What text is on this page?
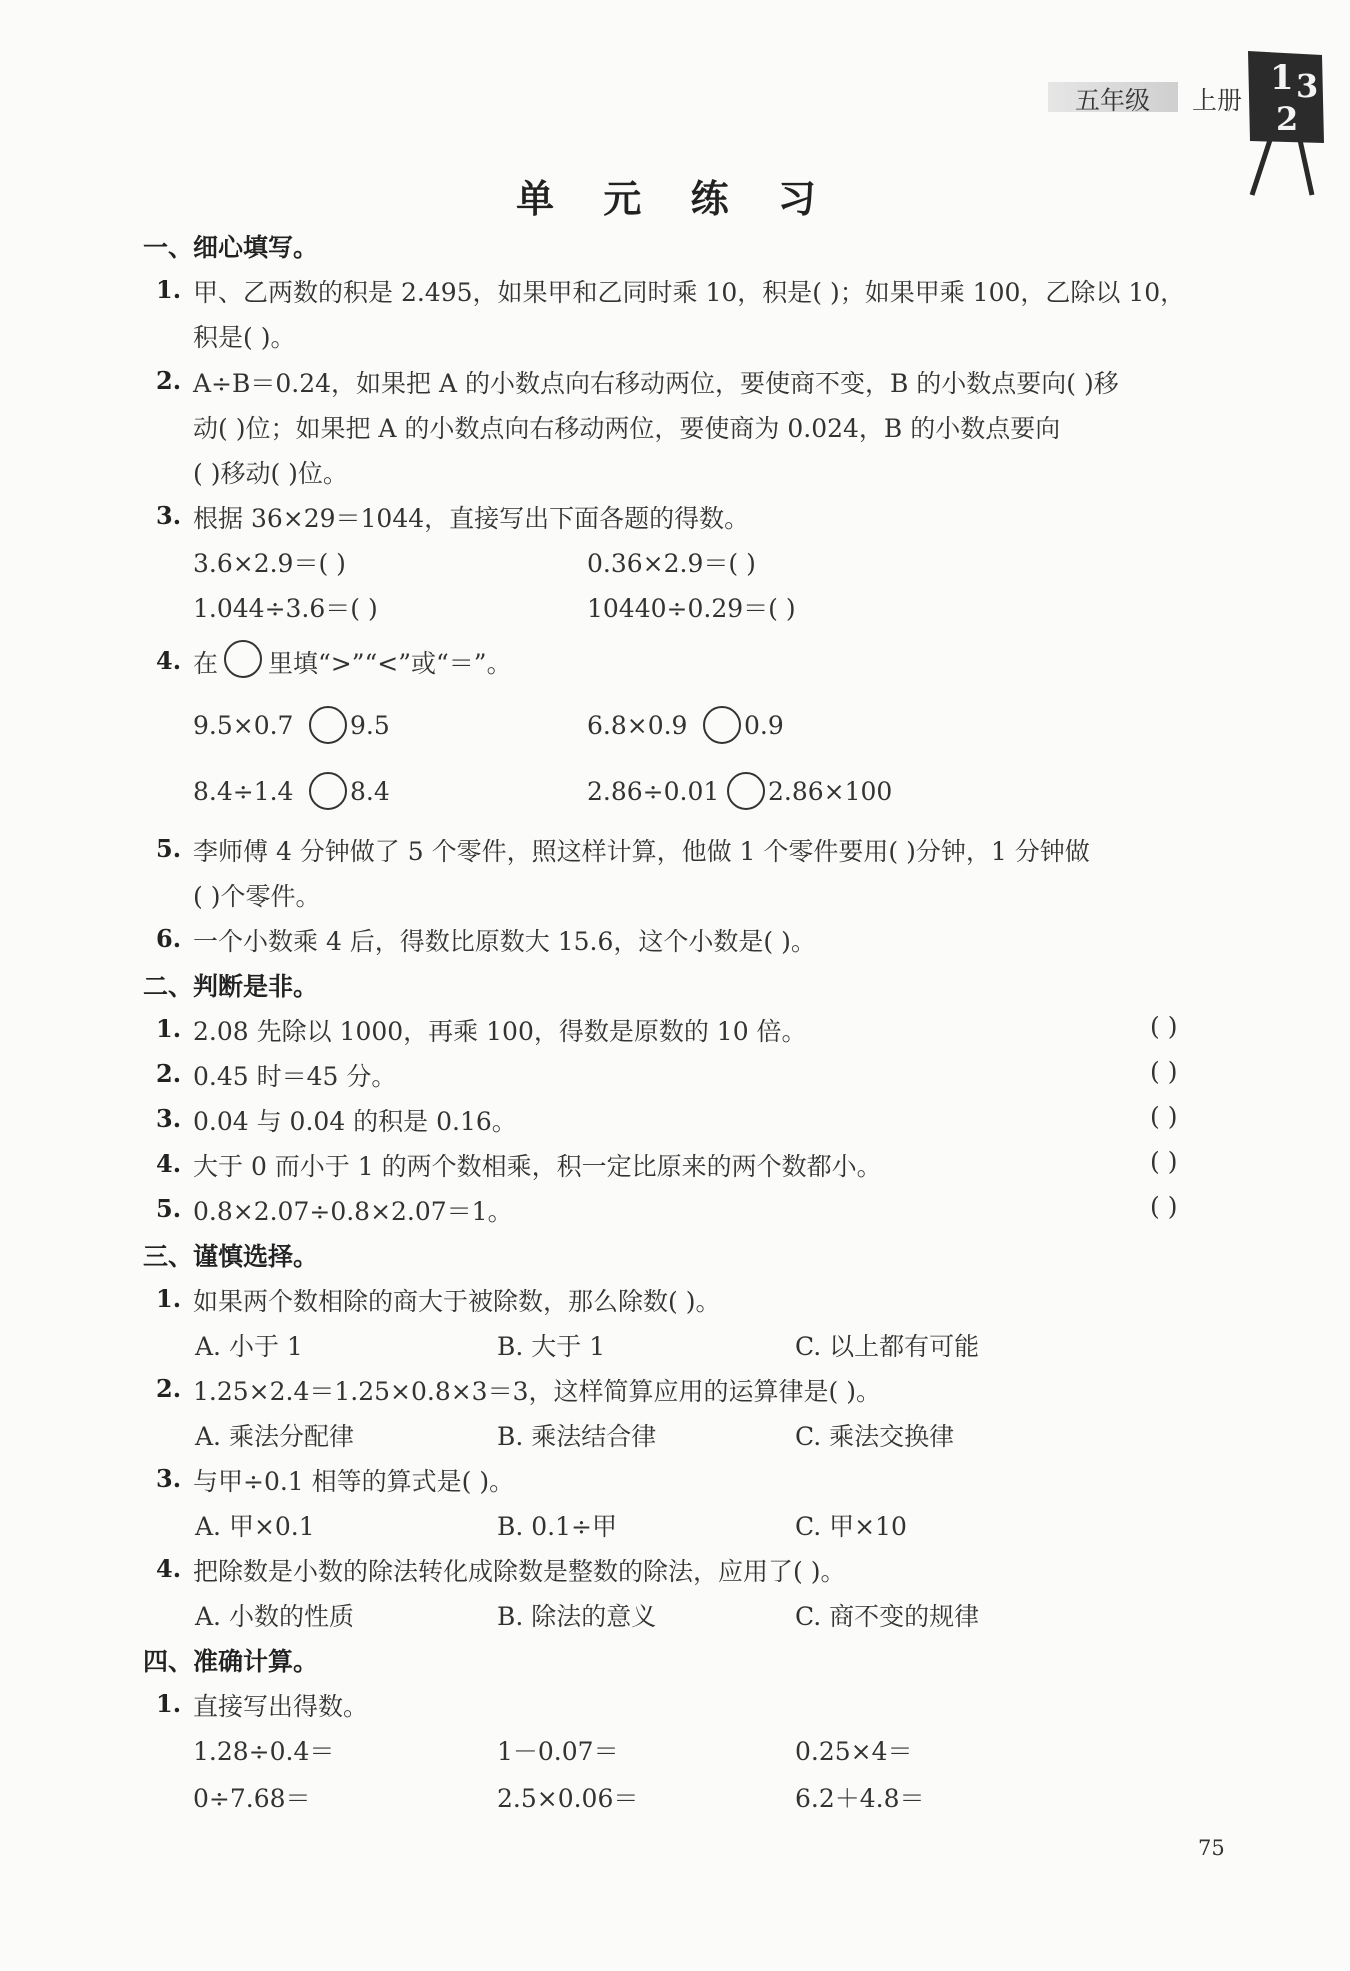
五年级 上册
1 3
2
单 元 练 习
一、细心填写。
1. 甲、乙两数的积是 2.495，如果甲和乙同时乘 10，积是( )；如果甲乘 100，乙除以 10，
积是( )。
2. A÷B＝0.24，如果把 A 的小数点向右移动两位，要使商不变，B 的小数点要向( )移
动( )位；如果把 A 的小数点向右移动两位，要使商为 0.024，B 的小数点要向
( )移动( )位。
3. 根据 36×29＝1044，直接写出下面各题的得数。
3.6×2.9＝( )	0.36×2.9＝( )
1.044÷3.6＝( )	10440÷0.29＝( )
4. 在 里填“>”“<”或“＝”。
9.5×0.7 9.5	6.8×0.9 0.9
8.4÷1.4 8.4	2.86÷0.01 2.86×100
5. 李师傅 4 分钟做了 5 个零件，照这样计算，他做 1 个零件要用( )分钟，1 分钟做
( )个零件。
6. 一个小数乘 4 后，得数比原数大 15.6，这个小数是( )。
二、判断是非。
1. 2.08 先除以 1000，再乘 100，得数是原数的 10 倍。	( )
2. 0.45 时＝45 分。	( )
3. 0.04 与 0.04 的积是 0.16。	( )
4. 大于 0 而小于 1 的两个数相乘，积一定比原来的两个数都小。	( )
5. 0.8×2.07÷0.8×2.07＝1。	( )
三、谨慎选择。
1. 如果两个数相除的商大于被除数，那么除数( )。
A. 小于 1	B. 大于 1	C. 以上都有可能
2. 1.25×2.4＝1.25×0.8×3＝3，这样简算应用的运算律是( )。
A. 乘法分配律	B. 乘法结合律	C. 乘法交换律
3. 与甲÷0.1 相等的算式是( )。
A. 甲×0.1	B. 0.1÷甲	C. 甲×10
4. 把除数是小数的除法转化成除数是整数的除法，应用了( )。
A. 小数的性质	B. 除法的意义	C. 商不变的规律
四、准确计算。
1. 直接写出得数。
1.28÷0.4＝	1－0.07＝	0.25×4＝
0÷7.68＝	2.5×0.06＝	6.2＋4.8＝
75
